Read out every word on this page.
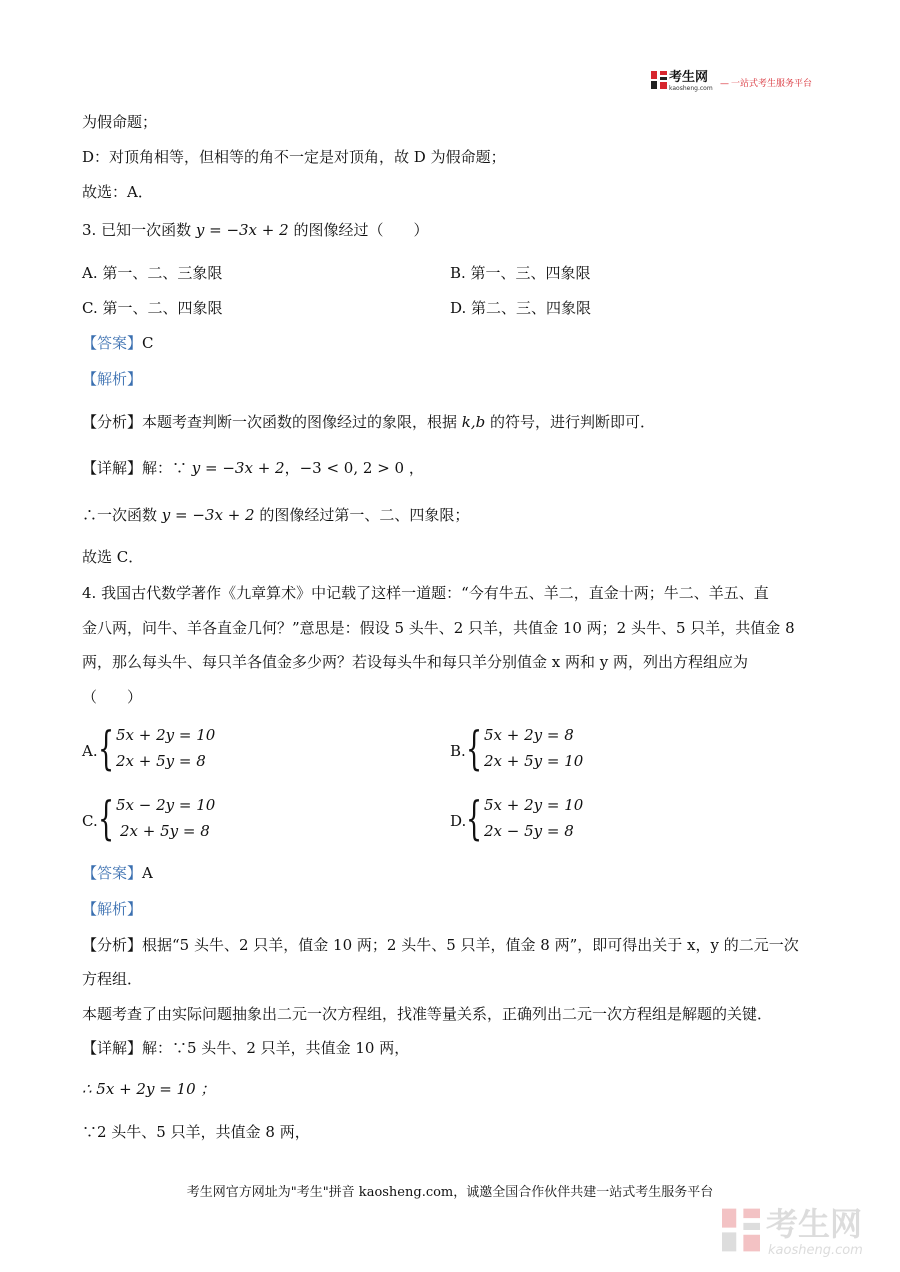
考生网
kaosheng.com — 一站式考生服务平台
为假命题；
D：对顶角相等，但相等的角不一定是对顶角，故 D 为假命题；
故选：A．
3. 已知一次函数 y = −3x + 2 的图像经过（　　）
A. 第一、二、三象限	B. 第一、三、四象限
C. 第一、二、四象限	D. 第二、三、四象限
【答案】C
【解析】
【分析】本题考查判断一次函数的图像经过的象限，根据 k,b 的符号，进行判断即可．
【详解】解：∵ y = −3x + 2，−3 < 0, 2 > 0 ，
∴一次函数 y = −3x + 2 的图像经过第一、二、四象限；
故选 C．
4. 我国古代数学著作《九章算术》中记载了这样一道题：“今有牛五、羊二，直金十两；牛二、羊五、直
金八两，问牛、羊各直金几何？”意思是：假设 5 头牛、2 只羊，共值金 10 两；2 头牛、5 只羊，共值金 8
两，那么每头牛、每只羊各值金多少两？若设每头牛和每只羊分别值金 x 两和 y 两，列出方程组应为
（　　）
A. { 5x + 2y = 10
2x + 5y = 8
B. { 5x + 2y = 8
2x + 5y = 10
C. { 5x − 2y = 10
2x + 5y = 8
D. { 5x + 2y = 10
2x − 5y = 8
【答案】A
【解析】
【分析】根据“5 头牛、2 只羊，值金 10 两；2 头牛、5 只羊，值金 8 两”，即可得出关于 x，y 的二元一次
方程组．
本题考查了由实际问题抽象出二元一次方程组，找准等量关系，正确列出二元一次方程组是解题的关键．
【详解】解：∵5 头牛、2 只羊，共值金 10 两，
∴ 5x + 2y = 10 ；
∵2 头牛、5 只羊，共值金 8 两，
考生网官方网址为"考生"拼音 kaosheng.com，诚邀全国合作伙伴共建一站式考生服务平台
考生网
kaosheng.com
